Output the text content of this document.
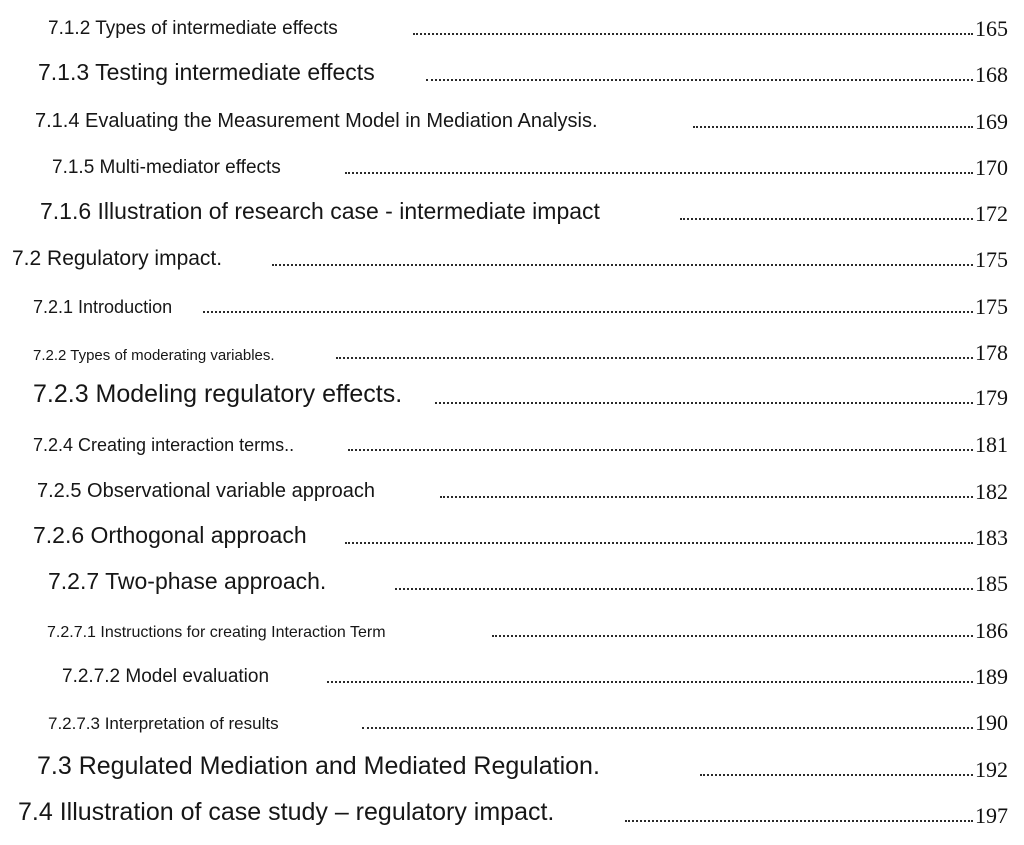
7.1.2 Types of intermediate effects	165
7.1.3 Testing intermediate effects	168
7.1.4 Evaluating the Measurement Model in Mediation Analysis.	169
7.1.5 Multi-mediator effects	170
7.1.6 Illustration of research case - intermediate impact	172
7.2 Regulatory impact.	175
7.2.1 Introduction	175
7.2.2 Types of moderating variables.	178
7.2.3 Modeling regulatory effects.	179
7.2.4 Creating interaction terms..	181
7.2.5 Observational variable approach	182
7.2.6 Orthogonal approach	183
7.2.7 Two-phase approach.	185
7.2.7.1 Instructions for creating Interaction Term	186
7.2.7.2 Model evaluation	189
7.2.7.3 Interpretation of results	190
7.3 Regulated Mediation and Mediated Regulation.	192
7.4 Illustration of case study – regulatory impact.	197
